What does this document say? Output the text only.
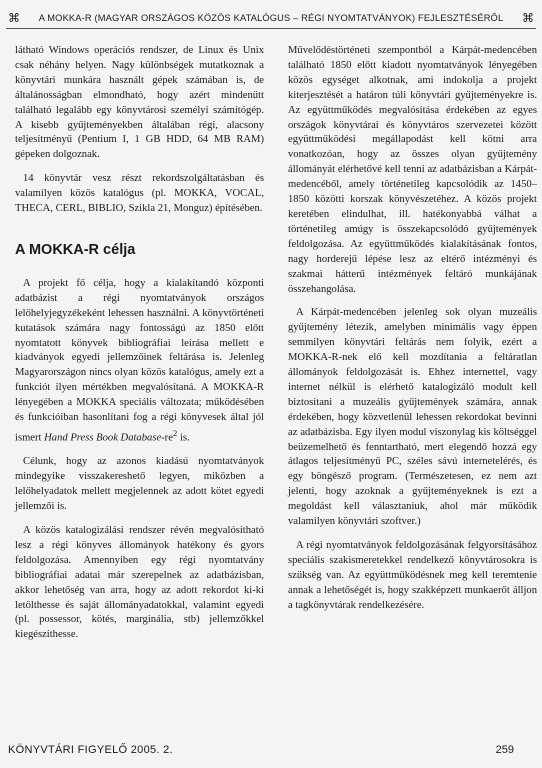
⌘ A MOKKA-R (MAGYAR ORSZÁGOS KÖZÖS KATALÓGUS – RÉGI NYOMTATVÁNYOK) FEJLESZTÉSÉRŐL ⌘

látható Windows operációs rendszer, de Linux és Unix csak néhány helyen. Nagy különbségek mutatkoznak a könyvtári munkára használt gépek számában is, de általánosságban elmondható, hogy azért mindenütt található legalább egy könyvtárosi személyi számítógép. A kisebb gyűjteményekben általában régi, alacsony teljesítményű (Pentium I, 1 GB HDD, 64 MB RAM) gépeken dolgoznak.

14 könyvtár vesz részt rekordszolgáltatásban és valamilyen közös katalógus (pl. MOKKA, VOCAL, THECA, CERL, BIBLIO, Szikla 21, Monguz) építésében.

A MOKKA-R célja

A projekt fő célja, hogy a kialakítandó központi adatbázist a régi nyomtatványok országos lelőhelyjegyzékeként lehessen használni. A könyvtörténeti kutatások számára nagy fontosságú az 1850 előtt nyomtatott könyvek bibliográfiai leírása mellett e kiadványok egyedi jellemzőinek feltárása is. Jelenleg Magyarországon nincs olyan közös katalógus, amely ezt a funkciót ilyen mértékben megvalósítaná. A MOKKA-R lényegében a MOKKA speciális változata; működésében és funkcióiban hasonlítani fog a régi könyvesek által jól ismert Hand Press Book Database-$re^2$ is.

Célunk, hogy az azonos kiadású nyomtatványok mindegyike visszakereshető legyen, miközben a lelőhelyadatok mellett megjelennek az adott kötet egyedi jellemzői is.

A közös katalogizálási rendszer révén megvalósítható lesz a régi könyves állományok hatékony és gyors feldolgozása. Amennyiben egy régi nyomtatvány bibliográfiai adatai már szerepelnek az adatbázisban, akkor lehetőség van arra, hogy az adott rekordot ki-ki letölthesse és saját állományadatokkal, valamint egyedi (pl. possessor, kötés, marginália, stb) jellemzőkkel kiegészíthesse.

Művelődéstörténeti szempontból a Kárpát-medencében található 1850 előtt kiadott nyomtatványok lényegében közös egységet alkotnak, ami indokolja a projekt kiterjesztését a határon túli könyvtári gyűjteményekre is. Az együttműködés megvalósítása érdekében az egyes országok könyvtárai és könyvtáros szervezetei között együttműködési megállapodást kell kötni arra vonatkozóan, hogy az összes olyan gyűjtemény állományát elérhetővé kell tenni az adatbázisban a Kárpát-medencéből, amely történetileg kapcsolódik az 1450–1850 közötti korszak könyvészetéhez. A közös projekt keretében elindulhat, ill. hatékonyabbá válhat a történetileg amúgy is összekapcsolódó gyűjtemények feldolgozása. Az együttműködés kialakításának fontos, nagy horderejű lépése lesz az eltérő intézményi és szakmai hátterű intézmények feltáró munkájának összehangolása.

A Kárpát-medencében jelenleg sok olyan muzeális gyűjtemény létezik, amelyben minimális vagy éppen semmilyen könyvtári feltárás nem folyik, ezért a MOKKA-R-nek elő kell mozdítania a feltáratlan állományok feldolgozását is. Ehhez internettel, vagy internet nélkül is elérhető katalogizáló modult kell biztosítani a muzeális gyűjtemények számára, annak érdekében, hogy közvetlenül lehessen rekordokat bevinni az adatbázisba. Egy ilyen modul viszonylag kis költséggel beüzemelhető és fenntartható, mert elegendő hozzá egy átlagos teljesítményű PC, széles sávú internetelérés, és egy böngésző program. (Természetesen, ez nem azt jelenti, hogy azoknak a gyűjteményeknek is ezt a megoldást kell választaniuk, ahol már működik valamilyen könyvtári szoftver.)

A régi nyomtatványok feldolgozásának felgyorsításához speciális szakismeretekkel rendelkező könyvtárosokra is szükség van. Az együttműködésnek meg kell teremtenie annak a lehetőségét is, hogy szakképzett munkaerőt álljon a tagkönyvtárak rendelkezésére.

KÖNYVTÁRI FIGYELŐ 2005. 2.	259
